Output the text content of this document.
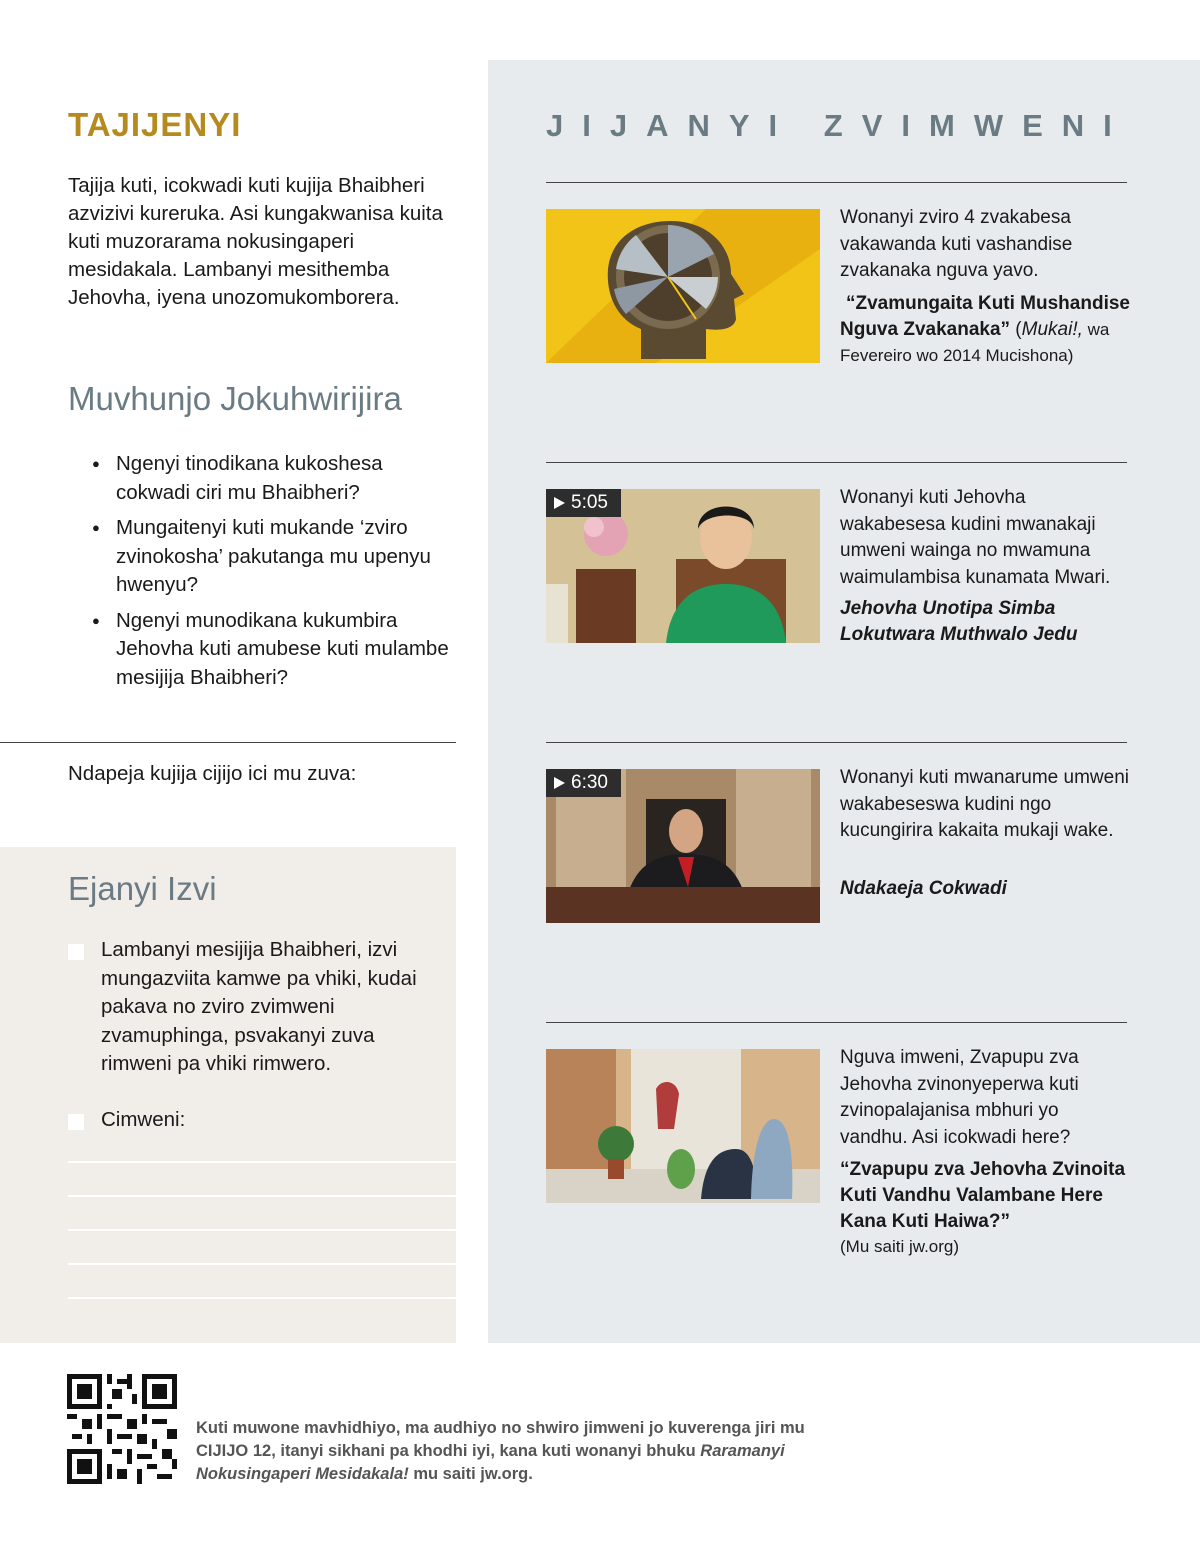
TAJIJENYI
Tajija kuti, icokwadi kuti kujija Bhaibheri azvizivi kureruka. Asi kungakwanisa kuita kuti muzorarama nokusingaperi mesidakala. Lambanyi mesithemba Jehovha, iyena unozomukomborera.
Muvhunjo Jokuhwirijira
● Ngenyi tinodikana kukoshesa cokwadi ciri mu Bhaibheri?
● Mungaitenyi kuti mukande ‘zviro zvinokosha’ pakutanga mu upenyu hwenyu?
● Ngenyi munodikana kukumbira Jehovha kuti amubese kuti mulambe mesijija Bhaibheri?
Ndapeja kujija cijijo ici mu zuva:
Ejanyi Izvi
Lambanyi mesijija Bhaibheri, izvi mungazviita kamwe pa vhiki, kudai pakava no zviro zvimweni zvamuphinga, psvakanyi zuva rimweni pa vhiki rimwero.
Cimweni:
JIJANYI ZVIMWENI
Wonanyi zviro 4 zvakabesa vakawanda kuti vashandise zvakanaka nguva yavo.
“Zvamungaita Kuti Mushandise Nguva Zvakanaka” (Mukai!, wa Fevereiro wo 2014 Mucishona)
5:05	Wonanyi kuti Jehovha wakabesesa kudini mwanakaji umweni wainga no mwamuna waimulambisa kunamata Mwari.
Jehovha Unotipa Simba Lokutwara Muthwalo Jedu
6:30	Wonanyi kuti mwanarume umweni wakabeseswa kudini ngo kucungirira kakaita mukaji wake.
Ndakaeja Cokwadi
Nguva imweni, Zvapupu zva Jehovha zvinonyeperwa kuti zvinopalajanisa mbhuri yo vandhu. Asi icokwadi here?
“Zvapupu zva Jehovha Zvinoita Kuti Vandhu Valambane Here Kana Kuti Haiwa?”
(Mu saiti jw.org)
Kuti muwone mavhidhiyo, ma audhiyo no shwiro jimweni jo kuverenga jiri mu CIJIJO 12, itanyi sikhani pa khodhi iyi, kana kuti wonanyi bhuku Raramanyi Nokusingaperi Mesidakala! mu saiti jw.org.
